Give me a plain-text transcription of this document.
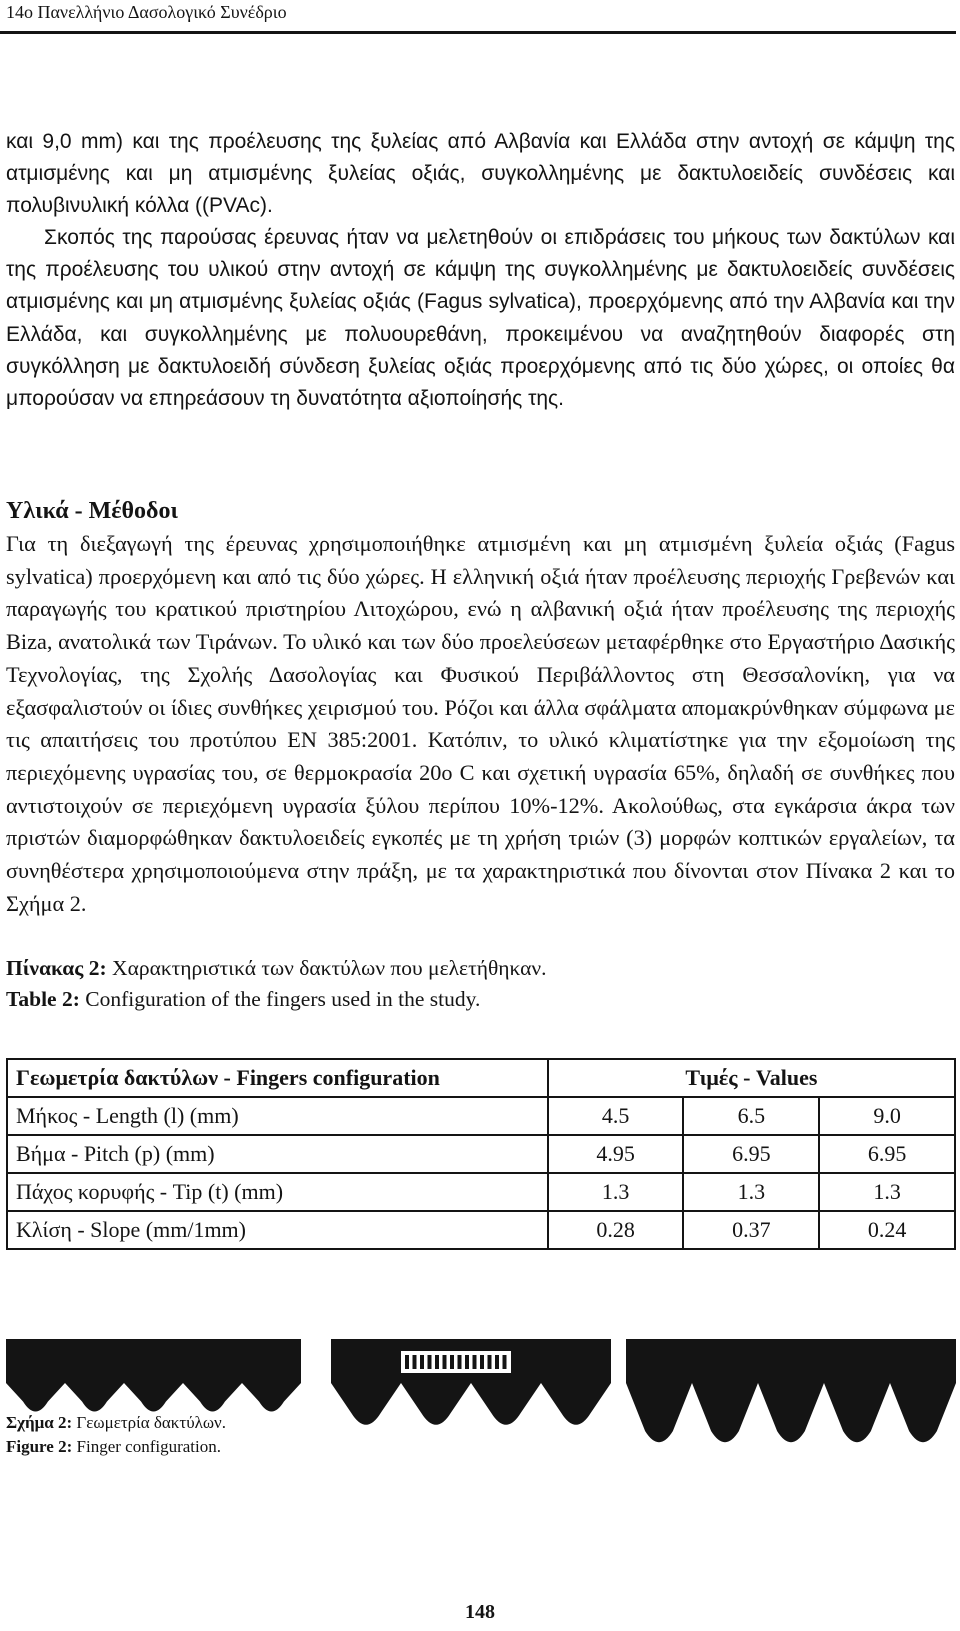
14ο Πανελλήνιο Δασολογικό Συνέδριο

και 9,0 mm) και της προέλευσης της ξυλείας από Αλβανία και Ελλάδα στην αντοχή σε κάμψη της ατμισμένης και μη ατμισμένης ξυλείας οξιάς, συγκολλημένης με δακτυλοειδείς συνδέσεις και πολυβινυλική κόλλα ((PVAc).

Σκοπός της παρούσας έρευνας ήταν να μελετηθούν οι επιδράσεις του μήκους των δακτύλων και της προέλευσης του υλικού στην αντοχή σε κάμψη της συγκολλημένης με δακτυλοειδείς συνδέσεις ατμισμένης και μη ατμισμένης ξυλείας οξιάς (Fagus sylvatica), προερχόμενης από την Αλβανία και την Ελλάδα, και συγκολλημένης με πολυουρεθάνη, προκειμένου να αναζητηθούν διαφορές στη συγκόλληση με δακτυλοειδή σύνδεση ξυλείας οξιάς προερχόμενης από τις δύο χώρες, οι οποίες θα μπορούσαν να επηρεάσουν τη δυνατότητα αξιοποίησής της.

Υλικά - Μέθοδοι

Για τη διεξαγωγή της έρευνας χρησιμοποιήθηκε ατμισμένη και μη ατμισμένη ξυλεία οξιάς (Fagus sylvatica) προερχόμενη και από τις δύο χώρες. Η ελληνική οξιά ήταν προέλευσης περιοχής Γρεβενών και παραγωγής του κρατικού πριστηρίου Λιτοχώρου, ενώ η αλβανική οξιά ήταν προέλευσης της περιοχής Biza, ανατολικά των Τιράνων. Το υλικό και των δύο προελεύσεων μεταφέρθηκε στο Εργαστήριο Δασικής Τεχνολογίας, της Σχολής Δασολογίας και Φυσικού Περιβάλλοντος στη Θεσσαλονίκη, για να εξασφαλιστούν οι ίδιες συνθήκες χειρισμού του. Ρόζοι και άλλα σφάλματα απομακρύνθηκαν σύμφωνα με τις απαιτήσεις του προτύπου EN 385:2001. Κατόπιν, το υλικό κλιματίστηκε για την εξομοίωση της περιεχόμενης υγρασίας του, σε θερμοκρασία 20ο C και σχετική υγρασία 65%, δηλαδή σε συνθήκες που αντιστοιχούν σε περιεχόμενη υγρασία ξύλου περίπου 10%-12%. Ακολούθως, στα εγκάρσια άκρα των πριστών διαμορφώθηκαν δακτυλοειδείς εγκοπές με τη χρήση τριών (3) μορφών κοπτικών εργαλείων, τα συνηθέστερα χρησιμοποιούμενα στην πράξη, με τα χαρακτηριστικά που δίνονται στον Πίνακα 2 και το Σχήμα 2.

Πίνακας 2: Χαρακτηριστικά των δακτύλων που μελετήθηκαν.
Table 2: Configuration of the fingers used in the study.
Γεωμετρία δακτύλων - Fingers configuration	Τιμές - Values		
Μήκος - Length (l) (mm)	4.5	6.5	9.0
Βήμα - Pitch (p) (mm)	4.95	6.95	6.95
Πάχος κορυφής - Tip (t) (mm)	1.3	1.3	1.3
Κλίση - Slope (mm/1mm)	0.28	0.37	0.24
Σχήμα 2: Γεωμετρία δακτύλων.
Figure 2: Finger configuration.
148
